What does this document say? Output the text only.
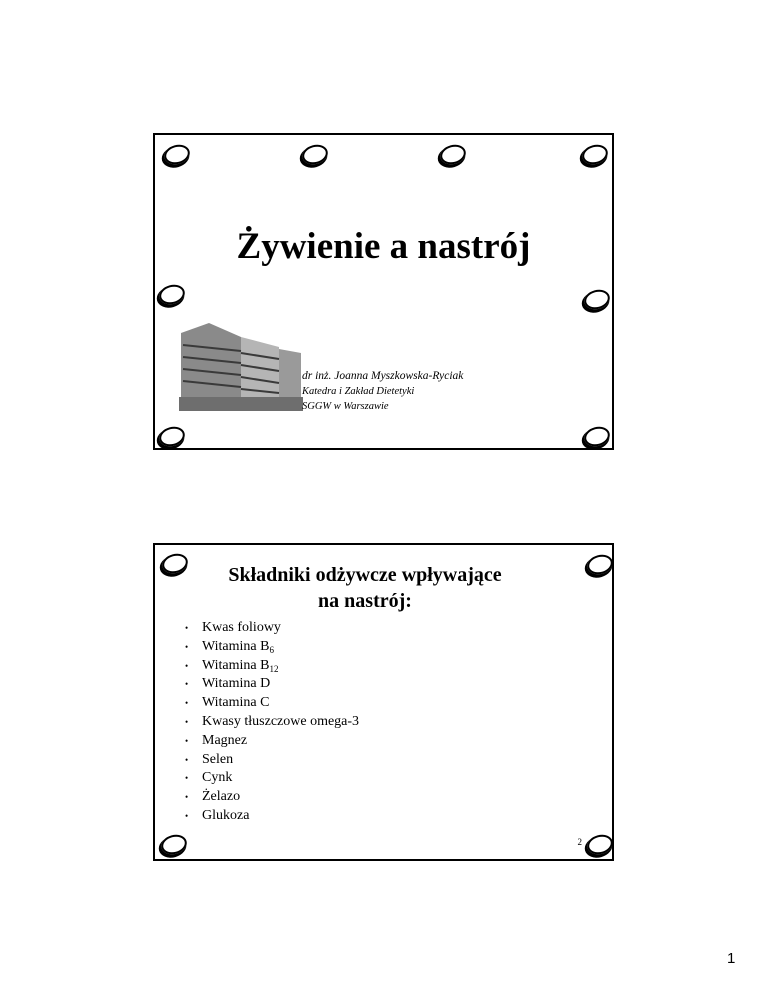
Żywienie a nastrój
dr inż. Joanna Myszkowska-Ryciak
Katedra i Zakład Dietetyki
SGGW w Warszawie
Składniki odżywcze wpływające
na nastrój:
• Kwas foliowy
• Witamina $B_6$
• Witamina $B_{12}$
• Witamina D
• Witamina C
• Kwasy tłuszczowe omega-3
• Magnez
• Selen
• Cynk
• Żelazo
• Glukoza
2
1
